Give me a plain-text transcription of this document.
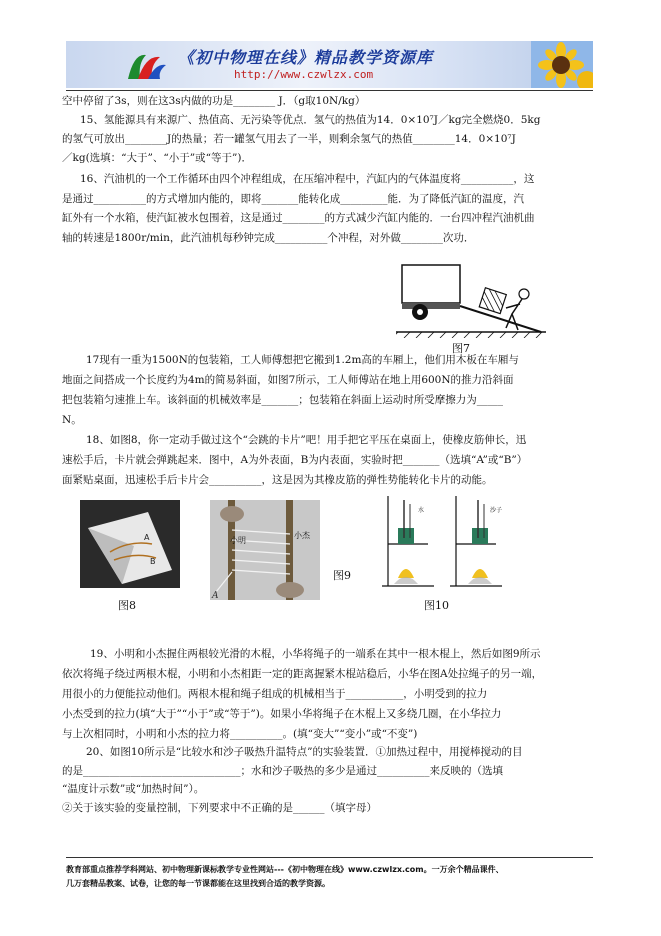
《初中物理在线》精品教学资源库
http://www.czwlzx.com
空中停留了3s，则在这3s内做的功是________ J．（g取10N/kg）
15、氢能源具有来源广、热值高、无污染等优点．氢气的热值为14．0×10⁷J／kg完全燃烧0．5kg
的氢气可放出________J的热量；若一罐氢气用去了一半，则剩余氢气的热值________14．0×10⁷J
／kg(选填：“大于”、“小于”或“等于”)．
16、汽油机的一个工作循环由四个冲程组成，在压缩冲程中，汽缸内的气体温度将__________，这
是通过__________的方式增加内能的，即将_______能转化成_________能．为了降低汽缸的温度，汽
缸外有一个水箱，使汽缸被水包围着，这是通过________的方式减少汽缸内能的．一台四冲程汽油机曲
轴的转速是1800r/min，此汽油机每秒钟完成__________个冲程，对外做________次功．
图7
17现有一重为1500N的包装箱，工人师傅想把它搬到1.2m高的车厢上，他们用木板在车厢与
地面之间搭成一个长度约为4m的简易斜面，如图7所示，工人师傅站在地上用600N的推力沿斜面
把包装箱匀速推上车。该斜面的机械效率是_______；包装箱在斜面上运动时所受摩擦力为_____
N。
18、如图8，你一定动手做过这个“会跳的卡片”吧！用手把它平压在桌面上，使橡皮筋伸长，迅
速松手后，卡片就会弹跳起来．图中，A为外表面，B为内表面，实验时把_______（选填“A”或“B”）
面紧贴桌面，迅速松手后卡片会__________，这是因为其橡皮筋的弹性势能转化卡片的动能。
A
B
图8
小明
小杰
A
图9
水	沙子
图10
19、小明和小杰握住两根较光滑的木棍，小华将绳子的一端系在其中一根木棍上，然后如图9所示
依次将绳子绕过两根木棍，小明和小杰相距一定的距离握紧木棍站稳后，小华在图A处拉绳子的另一端，
用很小的力便能拉动他们。两根木棍和绳子组成的机械相当于___________，小明受到的拉力
小杰受到的拉力(填“大于”“小于”或“等于”)。如果小华将绳子在木棍上又多绕几圈，在小华拉力
与上次相同时，小明和小杰的拉力将__________。(填“变大”“变小”或“不变”)
20、如图10所示是“比较水和沙子吸热升温特点”的实验装置．①加热过程中，用搅棒搅动的目
的是______________________________；水和沙子吸热的多少是通过__________来反映的（选填
“温度计示数”或“加热时间”）。
②关于该实验的变量控制，下列要求中不正确的是______（填字母）
教育部重点推荐学科网站、初中物理新课标教学专业性网站---《初中物理在线》www.czwlzx.com。一万余个精品课件、
几万套精品教案、试卷，让您的每一节课都能在这里找到合适的教学资源。
